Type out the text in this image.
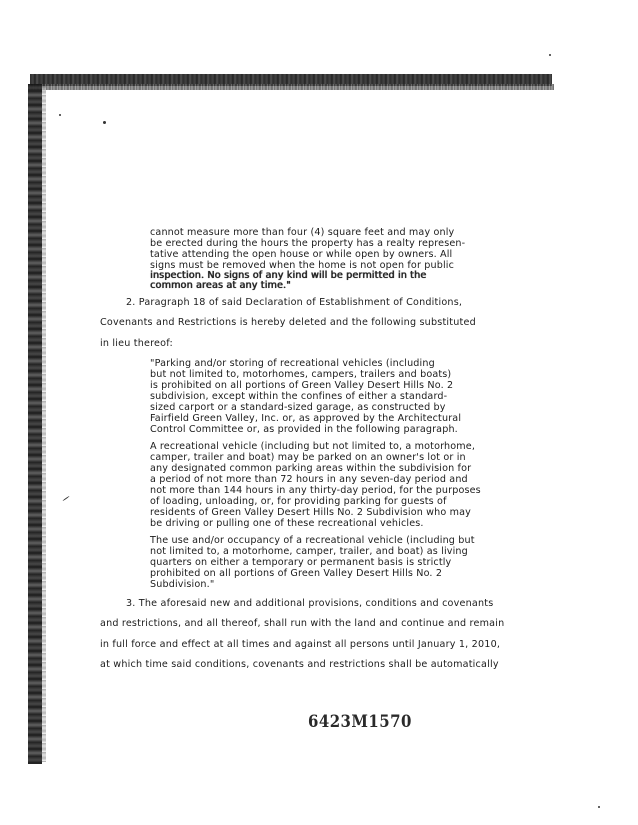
cannot measure more than four (4) square feet and may only
be erected during the hours the property has a realty represen-
tative attending the open house or while open by owners. All
signs must be removed when the home is not open for public
inspection. No signs of any kind will be permitted in the
common areas at any time."
2. Paragraph 18 of said Declaration of Establishment of Conditions,
Covenants and Restrictions is hereby deleted and the following substituted
in lieu thereof:
"Parking and/or storing of recreational vehicles (including
but not limited to, motorhomes, campers, trailers and boats)
is prohibited on all portions of Green Valley Desert Hills No. 2
subdivision, except within the confines of either a standard-
sized carport or a standard-sized garage, as constructed by
Fairfield Green Valley, Inc. or, as approved by the Architectural
Control Committee or, as provided in the following paragraph.
A recreational vehicle (including but not limited to, a motorhome,
camper, trailer and boat) may be parked on an owner's lot or in
any designated common parking areas within the subdivision for
a period of not more than 72 hours in any seven-day period and
not more than 144 hours in any thirty-day period, for the purposes
of loading, unloading, or, for providing parking for guests of
residents of Green Valley Desert Hills No. 2 Subdivision who may
be driving or pulling one of these recreational vehicles.
The use and/or occupancy of a recreational vehicle (including but
not limited to, a motorhome, camper, trailer, and boat) as living
quarters on either a temporary or permanent basis is strictly
prohibited on all portions of Green Valley Desert Hills No. 2
Subdivision."
3. The aforesaid new and additional provisions, conditions and covenants
and restrictions, and all thereof, shall run with the land and continue and remain
in full force and effect at all times and against all persons until January 1, 2010,
at which time said conditions, covenants and restrictions shall be automatically
6423M1570
